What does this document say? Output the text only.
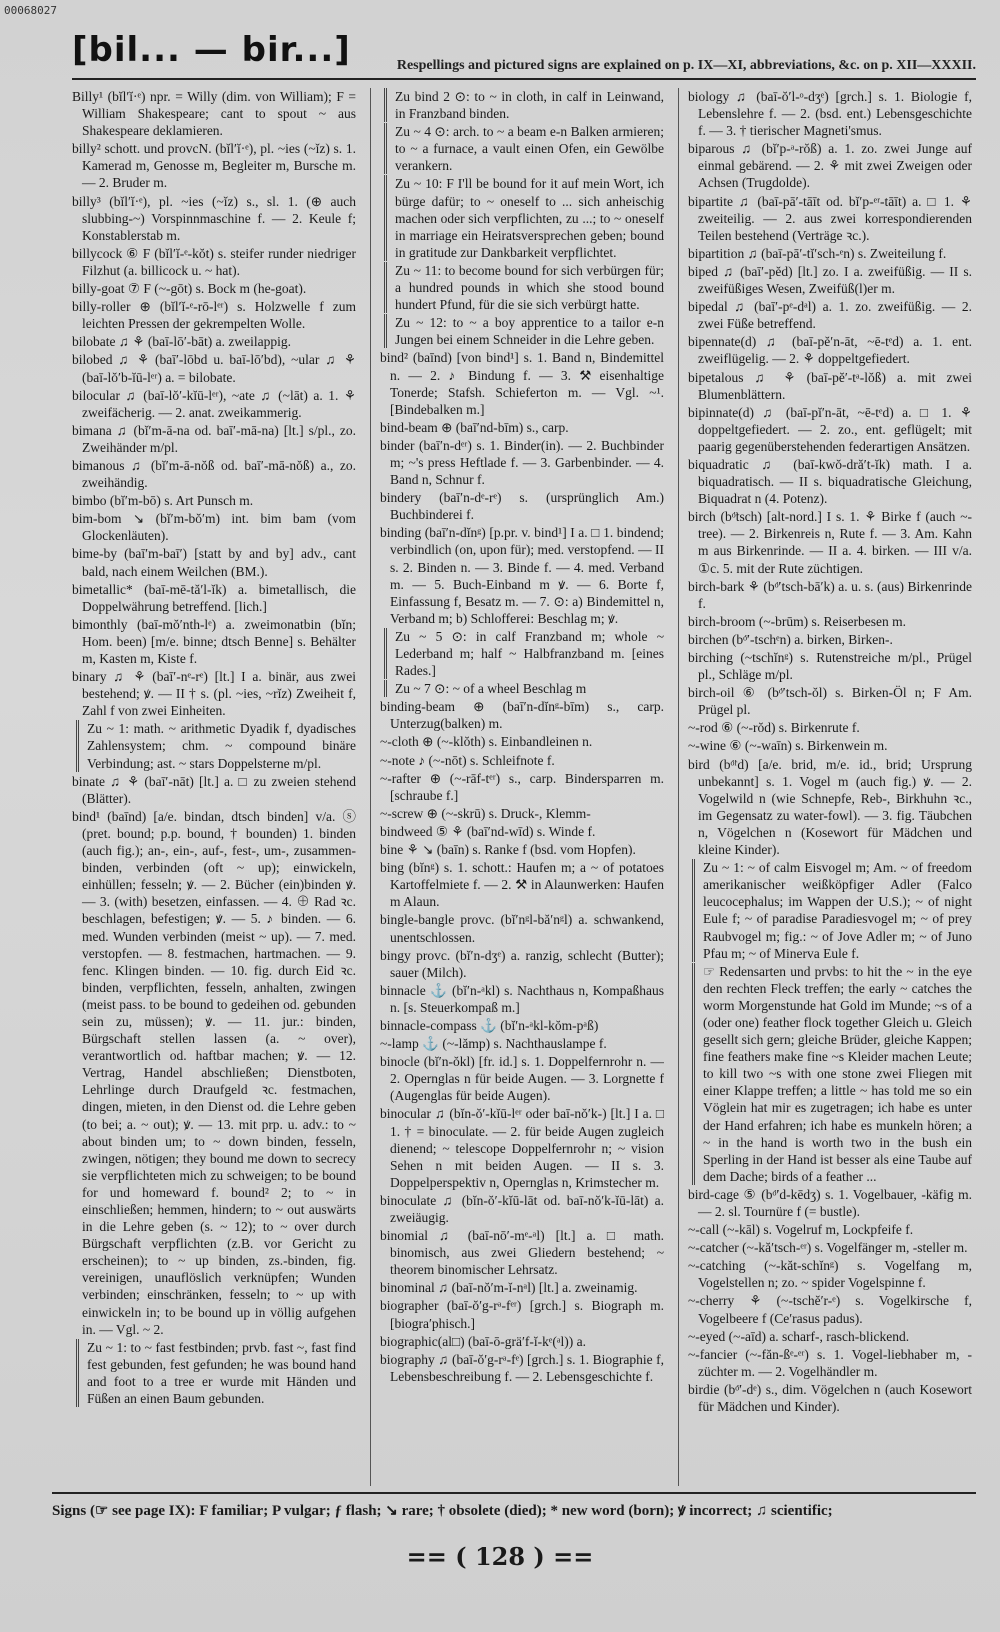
00068027
[bil... — bir...]	Respellings and pictured signs are explained on p. IX—XI, abbreviations, &c. on p. XII—XXXII.
Billy¹ (bĭl′ĭ·ᵉ) npr. = Willy (dim. von William); F = William Shakespeare; cant to spout ~ aus Shakespeare deklamieren.
billy² schott. und provcN. (bĭl′ĭ·ᵉ), pl. ~ies (~ĭz) s. 1. Kamerad m, Genosse m, Begleiter m, Bursche m. — 2. Bruder m.
billy³ (bĭl′ĭ·ᵉ), pl. ~ies (~ĭz) s., sl. 1. (⊕ auch slubbing-~) Vorspinnmaschine f. — 2. Keule f; Konstablerstab m.
billycock ⑥ F (bĭl′ĭ-ᵉ-kŏt) s. steifer runder niedriger Filzhut (a. billicock u. ~ hat).
billy-goat ⑦ F (~-gōt) s. Bock m (he-goat).
billy-roller ⊕ (bĭl′ĭ-ᵉ-rō-lᵉʳ) s. Holzwelle f zum leichten Pressen der gekrempelten Wolle.
bilobate ♫ ⚘ (baī-lō′-bāt) a. zweilappig.
bilobed ♫ ⚘ (baī′-lōbd u. baī-lō′bd), ~ular ♫ ⚘ (baī-lŏ′b-ĭū-lᵉʳ) a. = bilobate.
bilocular ♫ (baī-lŏ′-kĭū-lᵉʳ), ~ate ♫ (~lāt) a. 1. ⚘ zweifächerig. — 2. anat. zweikammerig.
bimana ♫ (bĭ′m-ā-na od. baī′-mā-na) [lt.] s/pl., zo. Zweihänder m/pl.
bimanous ♫ (bĭ′m-ā-nŏß od. baī′-mā-nŏß) a., zo. zweihändig.
bimbo (bĭ′m-bō) s. Art Punsch m.
bim-bom ↘ (bĭ′m-bŏ′m) int. bim bam (vom Glockenläuten).
bime-by (baī′m-baī′) [statt by and by] adv., cant bald, nach einem Weilchen (BM.).
bimetallic* (baī-mē-tă′l-ĭk) a. bimetallisch, die Doppelwährung betreffend. [lich.]
bimonthly (baī-mŏ′nth-lᵉ) a. zweimonatbin (bĭn; Hom. been) [m/e. binne; dtsch Benne] s. Behälter m, Kasten m, Kiste f.
binary ♫ ⚘ (baī′-nᵉ-rᵉ) [lt.] I a. binär, aus zwei bestehend; ꝟ. — II † s. (pl. ~ies, ~rĭz) Zweiheit f, Zahl f von zwei Einheiten.
Zu ~ 1: math. ~ arithmetic Dyadik f, dyadisches Zahlensystem; chm. ~ compound binäre Verbindung; ast. ~ stars Doppelsterne m/pl.
binate ♫ ⚘ (baī′-nāt) [lt.] a. □ zu zweien stehend (Blätter).
bind¹ (baīnd) [a/e. bindan, dtsch binden] v/a. ⓢ (pret. bound; p.p. bound, † bounden) 1. binden (auch fig.); an-, ein-, auf-, fest-, um-, zusammen-binden, verbinden (oft ~ up); einwickeln, einhüllen; fesseln; ꝟ. — 2. Bücher (ein)binden ꝟ. — 3. (with) besetzen, einfassen. — 4. ⊕ Rad ꝛc. beschlagen, befestigen; ꝟ. — 5. ♪ binden. — 6. med. Wunden verbinden (meist ~ up). — 7. med. verstopfen. — 8. festmachen, hartmachen. — 9. fenc. Klingen binden. — 10. fig. durch Eid ꝛc. binden, verpflichten, fesseln, anhalten, zwingen (meist pass. to be bound to gedeihen od. gebunden sein zu, müssen); ꝟ. — 11. jur.: binden, Bürgschaft stellen lassen (a. ~ over), verantwortlich od. haftbar machen; ꝟ. — 12. Vertrag, Handel abschließen; Dienstboten, Lehrlinge durch Draufgeld ꝛc. festmachen, dingen, mieten, in den Dienst od. die Lehre geben (to bei; a. ~ out); ꝟ. — 13. mit prp. u. adv.: to ~ about binden um; to ~ down binden, fesseln, zwingen, nötigen; they bound me down to secrecy sie verpflichteten mich zu schweigen; to be bound for und homeward f. bound² 2; to ~ in einschließen; hemmen, hindern; to ~ out auswärts in die Lehre geben (s. ~ 12); to ~ over durch Bürgschaft verpflichten (z.B. vor Gericht zu erscheinen); to ~ up binden, zs.-binden, fig. vereinigen, unauflöslich verknüpfen; Wunden verbinden; einschränken, fesseln; to ~ up with einwickeln in; to be bound up in völlig aufgehen in. — Vgl. ~ 2.
Zu ~ 1: to ~ fast festbinden; prvb. fast ~, fast find fest gebunden, fest gefunden; he was bound hand and foot to a tree er wurde mit Händen und Füßen an einen Baum gebunden.
Zu bind 2 ⊙: to ~ in cloth, in calf in Leinwand, in Franzband binden.
Zu ~ 4 ⊙: arch. to ~ a beam e-n Balken armieren; to ~ a furnace, a vault einen Ofen, ein Gewölbe verankern.
Zu ~ 10: F I'll be bound for it auf mein Wort, ich bürge dafür; to ~ oneself to ... sich anheischig machen oder sich verpflichten, zu ...; to ~ oneself in marriage ein Heiratsversprechen geben; bound in gratitude zur Dankbarkeit verpflichtet.
Zu ~ 11: to become bound for sich verbürgen für; a hundred pounds in which she stood bound hundert Pfund, für die sie sich verbürgt hatte.
Zu ~ 12: to ~ a boy apprentice to a tailor e-n Jungen bei einem Schneider in die Lehre geben.
bind² (baīnd) [von bind¹] s. 1. Band n, Bindemittel n. — 2. ♪ Bindung f. — 3. ⚒ eisenhaltige Tonerde; Stafsh. Schieferton m. — Vgl. ~¹. [Bindebalken m.]
bind-beam ⊕ (baī′nd-bīm) s., carp.
binder (baī′n-dᵉʳ) s. 1. Binder(in). — 2. Buchbinder m; ~'s press Heftlade f. — 3. Garbenbinder. — 4. Band n, Schnur f.
bindery (baī′n-dᵉ-rᵉ) s. (ursprünglich Am.) Buchbinderei f.
binding (baī′n-dĭnᵍ) [p.pr. v. bind¹] I a. □ 1. bindend; verbindlich (on, upon für); med. verstopfend. — II s. 2. Binden n. — 3. Binde f. — 4. med. Verband m. — 5. Buch-Einband m ꝟ. — 6. Borte f, Einfassung f, Besatz m. — 7. ⊙: a) Bindemittel n, Verband m; b) Schlofferei: Beschlag m; ꝟ.
Zu ~ 5 ⊙: in calf Franzband m; whole ~ Lederband m; half ~ Halbfranzband m. [eines Rades.]
Zu ~ 7 ⊙: ~ of a wheel Beschlag m
binding-beam ⊕ (baī′n-dĭnᵍ-bīm) s., carp. Unterzug(balken) m.
~-cloth ⊕ (~-klŏth) s. Einbandleinen n.
~-note ♪ (~-nōt) s. Schleifnote f.
~-rafter ⊕ (~-rāf-tᵉʳ) s., carp. Bindersparren m. [schraube f.]
~-screw ⊕ (~-skrū) s. Druck-, Klemm-
bindweed ⑤ ⚘ (baī′nd-wīd) s. Winde f.
bine ⚘ ↘ (baīn) s. Ranke f (bsd. vom Hopfen).
bing (bĭnᵍ) s. 1. schott.: Haufen m; a ~ of potatoes Kartoffelmiete f. — 2. ⚒ in Alaunwerken: Haufen m Alaun.
bingle-bangle provc. (bĭ′nᵍl-bă′nᵍl) a. schwankend, unentschlossen.
bingy provc. (bĭ′n-dʒᵉ) a. ranzig, schlecht (Butter); sauer (Milch).
binnacle ⚓ (bĭ′n-ᵃkl) s. Nachthaus n, Kompaßhaus n. [s. Steuerkompaß m.]
binnacle-compass ⚓ (bĭ′n-ᵃkl-kŏm-pᵃß)
~-lamp ⚓ (~-lămp) s. Nachthauslampe f.
binocle (bĭ′n-ŏkl) [fr. id.] s. 1. Doppelfernrohr n. — 2. Opernglas n für beide Augen. — 3. Lorgnette f (Augenglas für beide Augen).
binocular ♫ (bĭn-ŏ′-kĭū-lᵉʳ oder baī-nŏ′k-) [lt.] I a. □ 1. † = binoculate. — 2. für beide Augen zugleich dienend; ~ telescope Doppelfernrohr n; ~ vision Sehen n mit beiden Augen. — II s. 3. Doppelperspektiv n, Opernglas n, Krimstecher m.
binoculate ♫ (bĭn-ŏ′-kĭū-lāt od. baī-nŏ′k-ĭū-lāt) a. zweiäugig.
binomial ♫ (baī-nō′-mᵉ-ᵃl) [lt.] a. □ math. binomisch, aus zwei Gliedern bestehend; ~ theorem binomischer Lehrsatz.
binominal ♫ (baī-nŏ′m-ĭ-nᵃl) [lt.] a. zweinamig.
biographer (baī-ŏ′g-rᵃ-fᵉʳ) [grch.] s. Biograph m. [biogra′phisch.]
biographic(al□) (baī-ō-grä′f-ĭ-kᵉ(ᵃl)) a.
biography ♫ (baī-ŏ′g-rᵃ-fᵉ) [grch.] s. 1. Biographie f, Lebensbeschreibung f. — 2. Lebensgeschichte f.
biology ♫ (baī-ŏ′l-ᵒ-dʒᵉ) [grch.] s. 1. Biologie f, Lebenslehre f. — 2. (bsd. ent.) Lebensgeschichte f. — 3. † tierischer Magneti'smus.
biparous ♫ (bĭ′p-ᵃ-rŏß) a. 1. zo. zwei Junge auf einmal gebärend. — 2. ⚘ mit zwei Zweigen oder Achsen (Trugdolde).
bipartite ♫ (baī-pā′-tāīt od. bĭ′p-ᵉʳ-tāīt) a. □ 1. ⚘ zweiteilig. — 2. aus zwei korrespondierenden Teilen bestehend (Verträge ꝛc.).
bipartition ♫ (baī-pā′-tĭ′sch-ᵉn) s. Zweiteilung f.
biped ♫ (baī′-pĕd) [lt.] zo. I a. zweifüßig. — II s. zweifüßiges Wesen, Zweifüß(l)er m.
bipedal ♫ (baī′-pᵉ-dᵃl) a. 1. zo. zweifüßig. — 2. zwei Füße betreffend.
bipennate(d) ♫ (baī-pĕ′n-āt, ~ē-tᵉd) a. 1. ent. zweiflügelig. — 2. ⚘ doppeltgefiedert.
bipetalous ♫ ⚘ (baī-pĕ′-tᵃ-lŏß) a. mit zwei Blumenblättern.
bipinnate(d) ♫ (baī-pĭ′n-āt, ~ē-tᵉd) a. □ 1. ⚘ doppeltgefiedert. — 2. zo., ent. geflügelt; mit paarig gegenüberstehenden federartigen Ansätzen.
biquadratic ♫ (baī-kwŏ-dră′t-ĭk) math. I a. biquadratisch. — II s. biquadratische Gleichung, Biquadrat n (4. Potenz).
birch (bᵒ̈tsch) [alt-nord.] I s. 1. ⚘ Birke f (auch ~-tree). — 2. Birkenreis n, Rute f. — 3. Am. Kahn m aus Birkenrinde. — II a. 4. birken. — III v/a. ①c. 5. mit der Rute züchtigen.
birch-bark ⚘ (bᵒ̈′tsch-bā′k) a. u. s. (aus) Birkenrinde f.
birch-broom (~-brūm) s. Reiserbesen m.
birchen (bᵒ̈′-tschᵉn) a. birken, Birken-.
birching (~tschĭnᵍ) s. Rutenstreiche m/pl., Prügel pl., Schläge m/pl.
birch-oil ⑥ (bᵒ̈′tsch-ŏl) s. Birken-Öl n; F Am. Prügel pl.
~-rod ⑥ (~-rŏd) s. Birkenrute f.
~-wine ⑥ (~-waīn) s. Birkenwein m.
bird (bᵒ̈ʳd) [a/e. brid, m/e. id., brid; Ursprung unbekannt] s. 1. Vogel m (auch fig.) ꝟ. — 2. Vogelwild n (wie Schnepfe, Reb-, Birkhuhn ꝛc., im Gegensatz zu water-fowl). — 3. fig. Täubchen n, Vögelchen n (Kosewort für Mädchen und kleine Kinder).
Zu ~ 1: ~ of calm Eisvogel m; Am. ~ of freedom amerikanischer weißköpfiger Adler (Falco leucocephalus; im Wappen der U.S.); ~ of night Eule f; ~ of paradise Paradiesvogel m; ~ of prey Raubvogel m; fig.: ~ of Jove Adler m; ~ of Juno Pfau m; ~ of Minerva Eule f.
☞ Redensarten und prvbs: to hit the ~ in the eye den rechten Fleck treffen; the early ~ catches the worm Morgenstunde hat Gold im Munde; ~s of a (oder one) feather flock together Gleich u. Gleich gesellt sich gern; gleiche Brüder, gleiche Kappen; fine feathers make fine ~s Kleider machen Leute; to kill two ~s with one stone zwei Fliegen mit einer Klappe treffen; a little ~ has told me so ein Vöglein hat mir es zugetragen; ich habe es unter der Hand erfahren; ich habe es munkeln hören; a ~ in the hand is worth two in the bush ein Sperling in der Hand ist besser als eine Taube auf dem Dache; birds of a feather ...
bird-cage ⑤ (bᵒ̈′d-kēdʒ) s. 1. Vogelbauer, -käfig m. — 2. sl. Tournüre f (= bustle).
~-call (~-kāl) s. Vogelruf m, Lockpfeife f.
~-catcher (~-kă′tsch-ᵉʳ) s. Vogelfänger m, -steller m.
~-catching (~-kăt-schĭnᵍ) s. Vogelfang m, Vogelstellen n; zo. ~ spider Vogelspinne f.
~-cherry ⚘ (~-tschĕ′r-ᵉ) s. Vogelkirsche f, Vogelbeere f (Ce′rasus padus).
~-eyed (~-aīd) a. scharf-, rasch-blickend.
~-fancier (~-făn-ßᵉ-ᵉʳ) s. 1. Vogel-liebhaber m, -züchter m. — 2. Vogelhändler m.
birdie (bᵒ̈′-dᵉ) s., dim. Vögelchen n (auch Kosewort für Mädchen und Kinder).
Signs (☞ see page IX): F familiar; P vulgar; ƒ flash; ↘ rare; † obsolete (died); * new word (born); ꝟ incorrect; ♫ scientific;
== ( 128 ) ==
